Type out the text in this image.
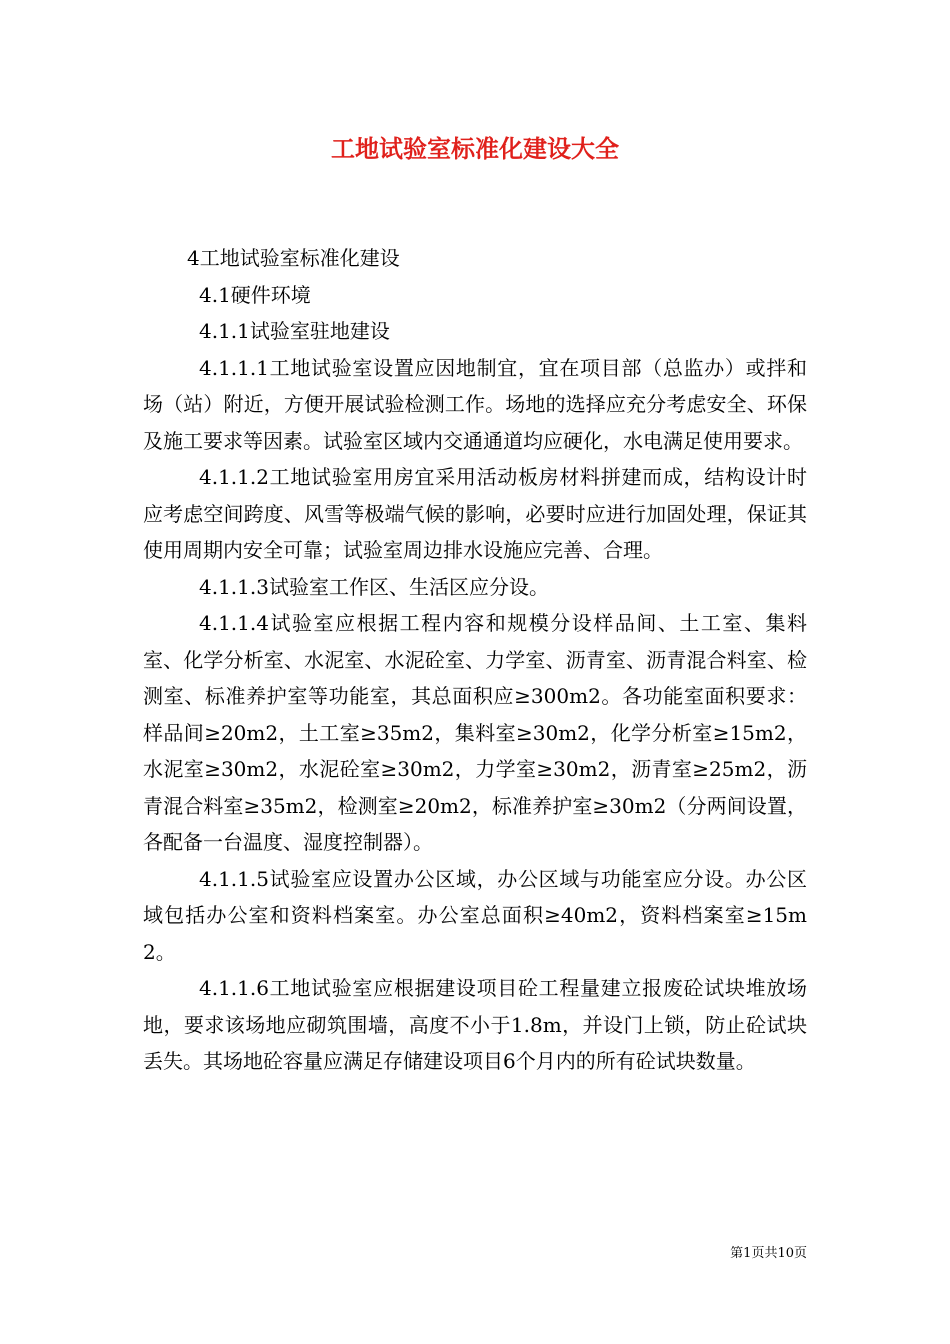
工地试验室标准化建设大全

4工地试验室标准化建设

4.1硬件环境

4.1.1试验室驻地建设

4.1.1.1工地试验室设置应因地制宜，宜在项目部（总监办）或拌和场（站）附近，方便开展试验检测工作。场地的选择应充分考虑安全、环保及施工要求等因素。试验室区域内交通通道均应硬化，水电满足使用要求。

4.1.1.2工地试验室用房宜采用活动板房材料拼建而成，结构设计时应考虑空间跨度、风雪等极端气候的影响，必要时应进行加固处理，保证其使用周期内安全可靠；试验室周边排水设施应完善、合理。

4.1.1.3试验室工作区、生活区应分设。

4.1.1.4试验室应根据工程内容和规模分设样品间、土工室、集料室、化学分析室、水泥室、水泥砼室、力学室、沥青室、沥青混合料室、检测室、标准养护室等功能室，其总面积应≥300m2。各功能室面积要求：样品间≥20m2，土工室≥35m2，集料室≥30m2，化学分析室≥15m2，水泥室≥30m2，水泥砼室≥30m2，力学室≥30m2，沥青室≥25m2，沥青混合料室≥35m2，检测室≥20m2，标准养护室≥30m2（分两间设置，各配备一台温度、湿度控制器）。

4.1.1.5试验室应设置办公区域，办公区域与功能室应分设。办公区域包括办公室和资料档案室。办公室总面积≥40m2，资料档案室≥15m2。

4.1.1.6工地试验室应根据建设项目砼工程量建立报废砼试块堆放场地，要求该场地应砌筑围墙，高度不小于1.8m，并设门上锁，防止砼试块丢失。其场地砼容量应满足存储建设项目6个月内的所有砼试块数量。

第1页共10页
